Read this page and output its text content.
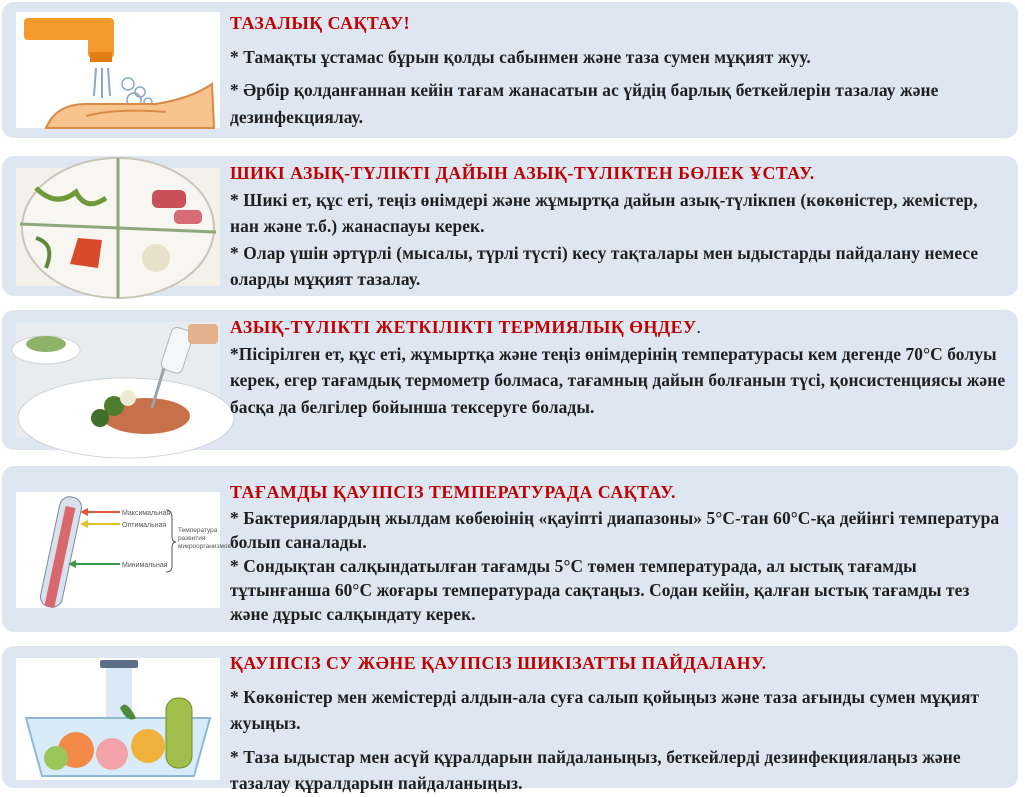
ТАЗАЛЫҚ САҚТАУ!

* Тамақты ұстамас бұрын қолды сабынмен және таза сумен мұқият жуу.

* Әрбір қолданғаннан кейін тағам жанасатын ас үйдің барлық беткейлерін тазалау және дезинфекциялау.

ШИКІ АЗЫҚ-ТҮЛІКТІ ДАЙЫН АЗЫҚ-ТҮЛІКТЕН БӨЛЕК ҰСТАУ.

* Шикі ет, құс еті, теңіз өнімдері және жұмыртқа дайын азық-түлікпен (көкөністер, жемістер, нан және т.б.) жанаспауы керек.

* Олар үшін әртүрлі (мысалы, түрлі түсті) кесу тақталары мен ыдыстарды пайдалану немесе оларды мұқият тазалау.

АЗЫҚ-ТҮЛІКТІ ЖЕТКІЛІКТІ ТЕРМИЯЛЫҚ ӨҢДЕУ.

*Пісірілген ет, құс еті, жұмыртқа және теңіз өнімдерінің температурасы кем дегенде 70°С болуы керек, егер тағамдық термометр болмаса, тағамның дайын болғанын түсі, қонсистенциясы және басқа да белгілер бойынша тексеруге болады.

Максимальная
Оптимальная
Минимальная
Температура
развития
микроорганизмов
ТАҒАМДЫ ҚАУІПСІЗ ТЕМПЕРАТУРАДА САҚТАУ.

* Бактериялардың жылдам көбеюінің «қауіпті диапазоны» 5°С-тан 60°С-қа дейінгі температура болып саналады.

* Сондықтан салқындатылған тағамды 5°С төмен температурада, ал ыстық тағамды тұтынғанша 60°С жоғары температурада сақтаңыз. Содан кейін, қалған ыстық тағамды тез және дұрыс салқындату керек.

ҚАУІПСІЗ СУ ЖӘНЕ ҚАУІПСІЗ ШИКІЗАТТЫ ПАЙДАЛАНУ.

* Көкөністер мен жемістерді алдын-ала суға салып қойыңыз және таза ағынды сумен мұқият жуыңыз.

* Таза ыдыстар мен асүй құралдарын пайдаланыңыз, беткейлерді дезинфекциялаңыз және тазалау құралдарын пайдаланыңыз.
